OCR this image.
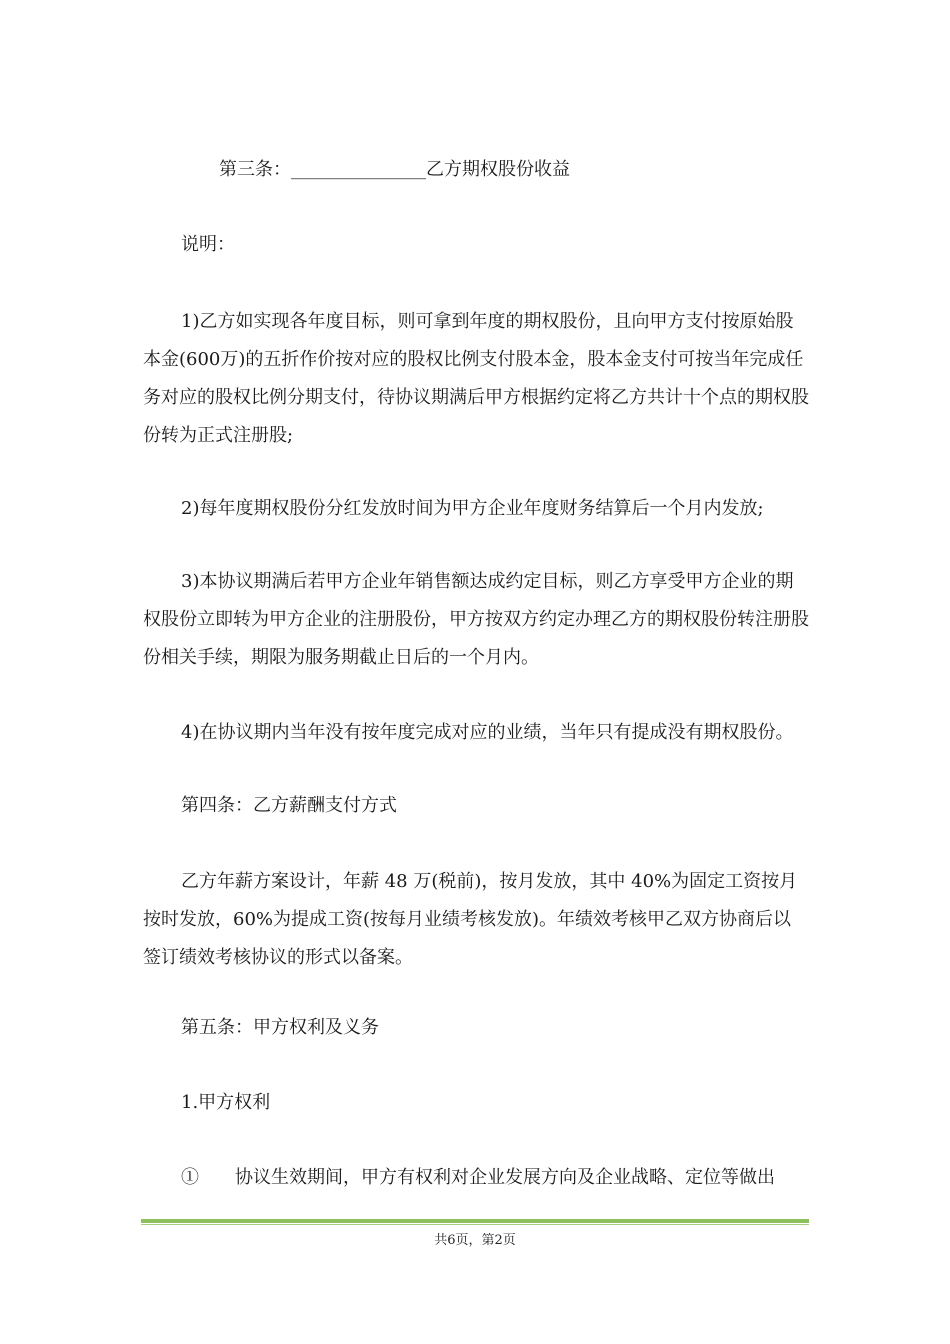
第三条：_______________乙方期权股份收益
说明：

1)乙方如实现各年度目标，则可拿到年度的期权股份，且向甲方支付按原始股本金(600万)的五折作价按对应的股权比例支付股本金，股本金支付可按当年完成任务对应的股权比例分期支付，待协议期满后甲方根据约定将乙方共计十个点的期权股份转为正式注册股;

2)每年度期权股份分红发放时间为甲方企业年度财务结算后一个月内发放;

3)本协议期满后若甲方企业年销售额达成约定目标，则乙方享受甲方企业的期权股份立即转为甲方企业的注册股份，甲方按双方约定办理乙方的期权股份转注册股份相关手续，期限为服务期截止日后的一个月内。

4)在协议期内当年没有按年度完成对应的业绩，当年只有提成没有期权股份。

第四条：乙方薪酬支付方式

乙方年薪方案设计，年薪 48 万(税前)，按月发放，其中 40%为固定工资按月按时发放，60%为提成工资(按每月业绩考核发放)。年绩效考核甲乙双方协商后以签订绩效考核协议的形式以备案。

第五条：甲方权利及义务
1.甲方权利
①　　协议生效期间，甲方有权利对企业发展方向及企业战略、定位等做出
共6页，第2页
